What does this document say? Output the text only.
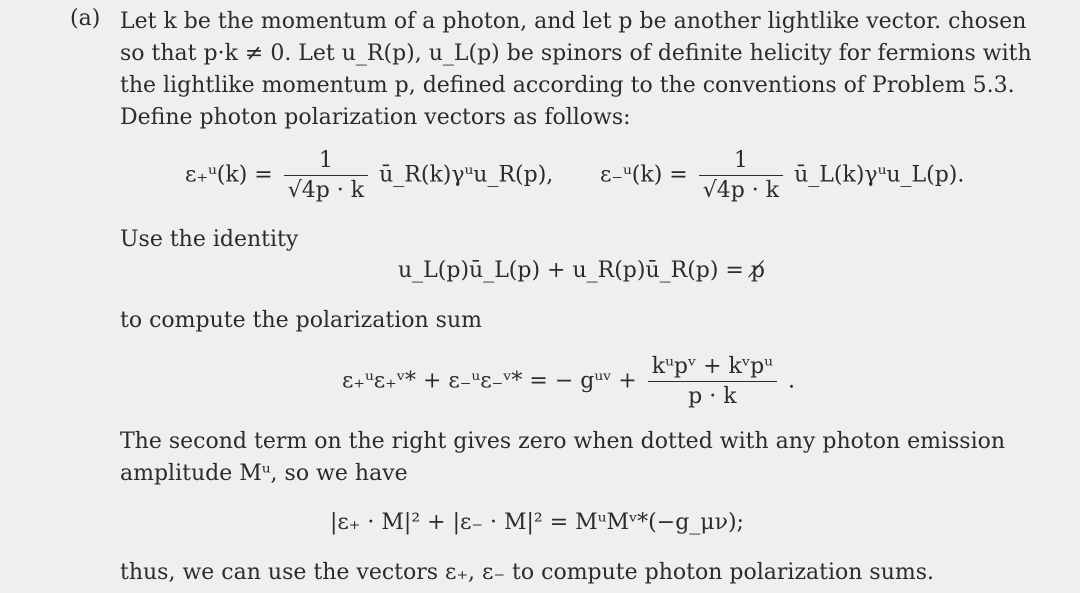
(a) Let k be the momentum of a photon, and let p be another lightlike vector. chosen
so that p·k ≠ 0. Let u_R(p), u_L(p) be spinors of definite helicity for fermions with
the lightlike momentum p, defined according to the conventions of Problem 5.3.
Define photon polarization vectors as follows:
ε₊ᵘ(k) = $\frac{1}{√4p \cdot k}$ ū_R(k)γᵘu_R(p), ε₋ᵘ(k) = $\frac{1}{√4p \cdot k}$ ū_L(k)γᵘu_L(p).
Use the identity
u_L(p)ū_L(p) + u_R(p)ū_R(p) = p̸
to compute the polarization sum
ε₊ᵘε₊ᵛ* + ε₋ᵘε₋ᵛ* = − gᵘᵛ + $\frac{\text{kᵘpᵛ + kᵛpᵘ}}{p \cdot k}$ .
The second term on the right gives zero when dotted with any photon emission
amplitude Mᵘ, so we have
|ε₊ · M|² + |ε₋ · M|² = MᵘMᵛ*(−g_μν);
thus, we can use the vectors ε₊, ε₋ to compute photon polarization sums.
